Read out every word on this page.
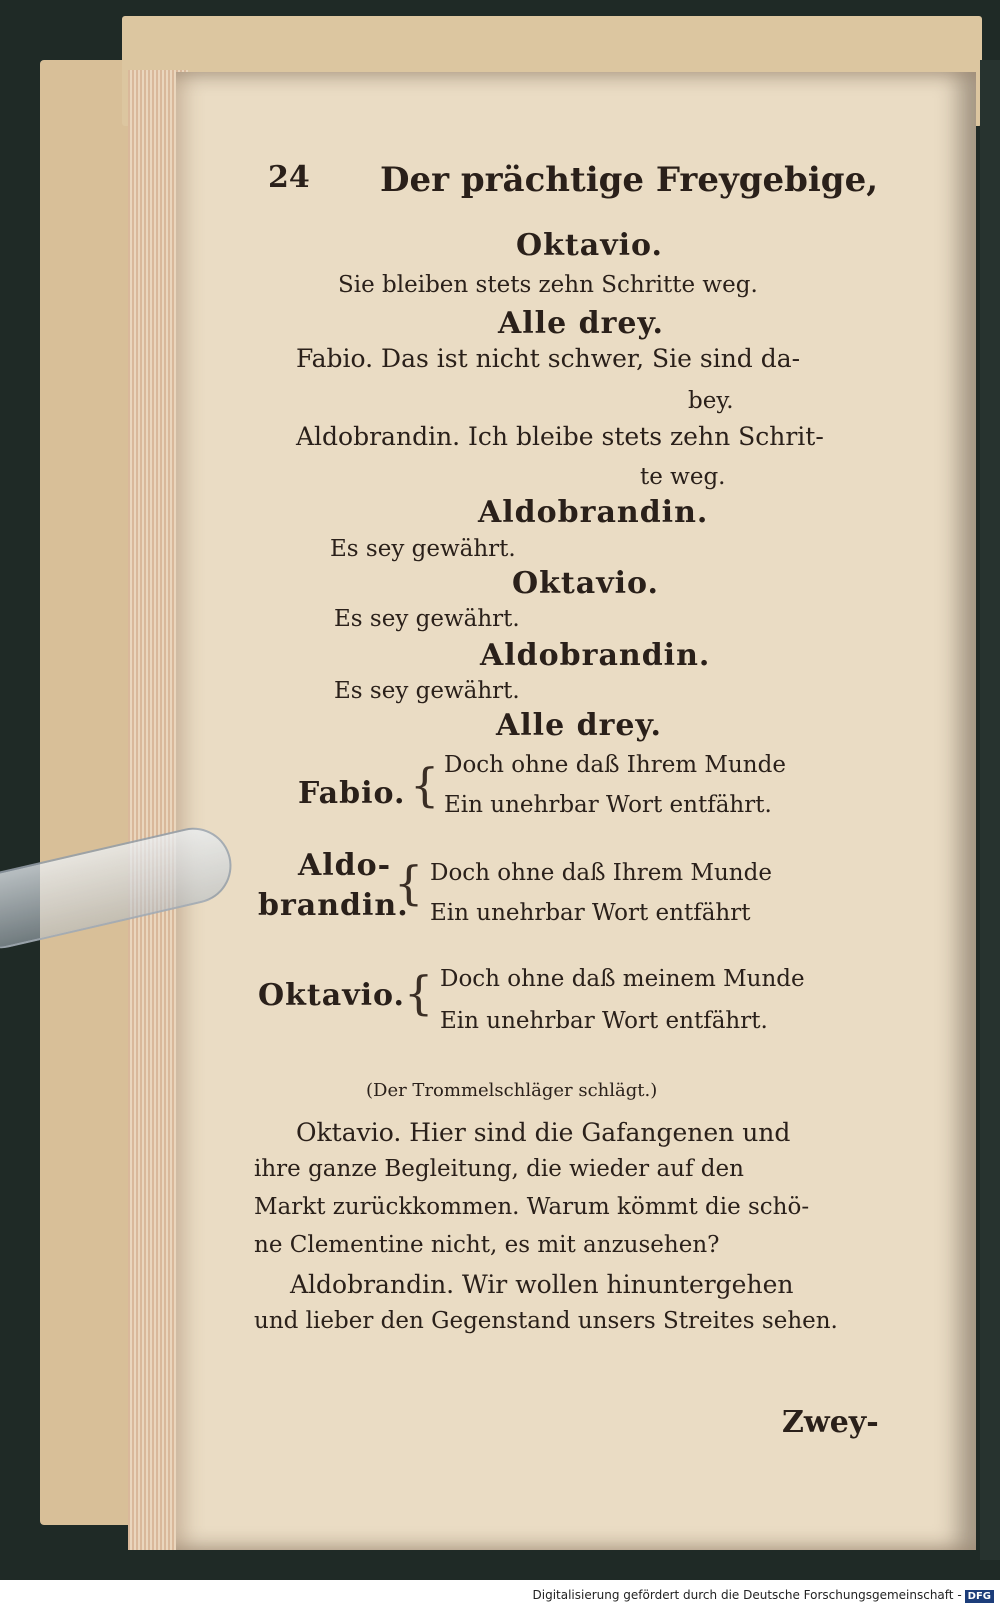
24 Der prächtige Freygebige,
Oktavio.
Sie bleiben stets zehn Schritte weg.
Alle drey.
Fabio. Das ist nicht schwer, Sie sind da-
bey.
Aldobrandin. Ich bleibe stets zehn Schrit-
te weg.
Aldobrandin.
Es sey gewährt.
Oktavio.
Es sey gewährt.
Aldobrandin.
Es sey gewährt.
Alle drey.
Fabio. { Doch ohne daß Ihrem Munde
Ein unehrbar Wort entfährt.
Aldo-
brandin.
{ Doch ohne daß Ihrem Munde
Ein unehrbar Wort entfährt
Oktavio. { Doch ohne daß meinem Munde
Ein unehrbar Wort entfährt.
(Der Trommelschläger schlägt.)
Oktavio. Hier sind die Gafangenen und
ihre ganze Begleitung, die wieder auf den
Markt zurückkommen. Warum kömmt die schö-
ne Clementine nicht, es mit anzusehen?
Aldobrandin. Wir wollen hinuntergehen
und lieber den Gegenstand unsers Streites sehen.
Zwey-
Digitalisierung gefördert durch die Deutsche Forschungsgemeinschaft - DFG
